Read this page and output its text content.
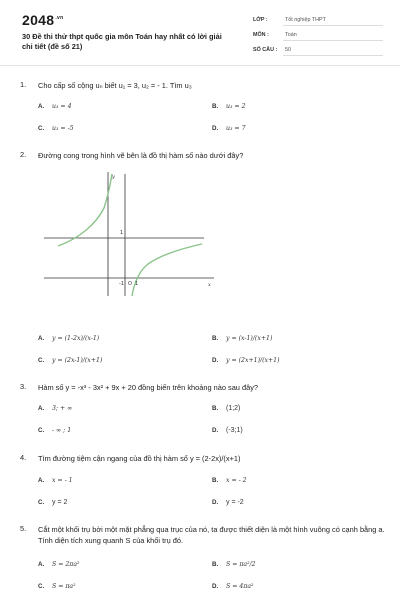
$2048^{.vn}$
30 Đề thi thử thpt quốc gia môn Toán hay nhất có lời giải chi tiết (đề số 21)
LỚP :	Tốt nghiệp THPT
MÔN :	Toán
SỐ CÂU :	50
1. Cho cấp số cộng uₙ biết u₁ = 3, u₂ = - 1. Tìm u₃
A. u₃ = 4	B. u₃ = 2
C. u₃ = -5	D. u₃ = 7
2. Đường cong trong hình vẽ bên là đồ thị hàm số nào dưới đây?
y
x
O
-1
1
1
A. y = (1-2x)/(x-1)	B. y = (x-1)/(x+1)
C. y = (2x-1)/(x+1)	D. y = (2x+1)/(x+1)
3. Hàm số y = -x³ - 3x² + 9x + 20 đồng biến trên khoảng nào sau đây?
A. 3; + ∞	B. (1;2)
C. - ∞ ; 1	D. (-3;1)
4. Tìm đường tiệm cận ngang của đồ thị hàm số y = (2-2x)/(x+1)
A. x = - 1	B. x = - 2
C. y = 2	D. y = -2
5. Cắt một khối trụ bởi một mặt phẳng qua trục của nó, ta được thiết diện là một hình vuông có cạnh bằng a. Tính diện tích xung quanh S của khối trụ đó.
A. S = 2πa²	B. S = πa²/2
C. S = πa²	D. S = 4πa²
